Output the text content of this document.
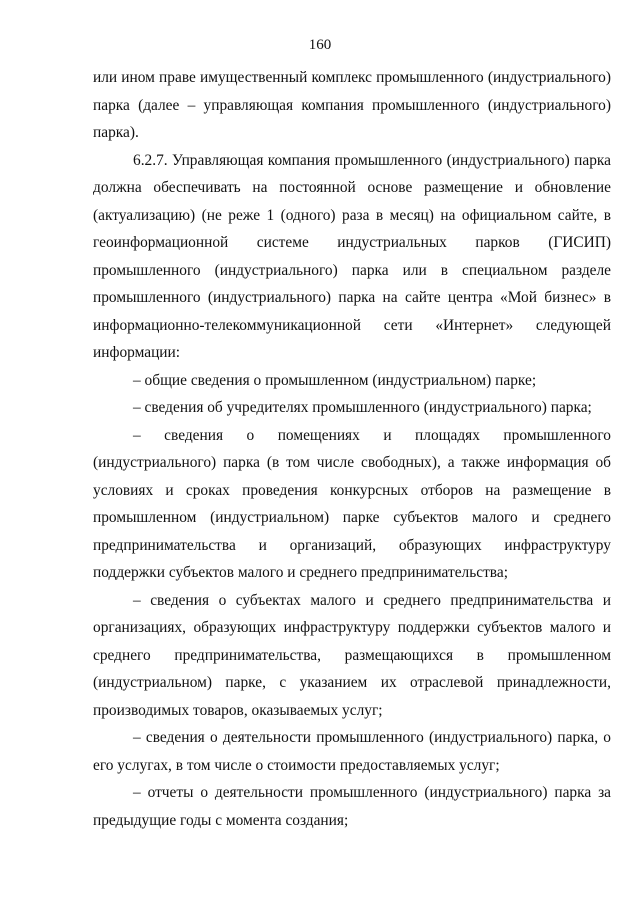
160

или ином праве имущественный комплекс промышленного (индустриального) парка (далее – управляющая компания промышленного (индустриального) парка).

6.2.7. Управляющая компания промышленного (индустриального) парка должна обеспечивать на постоянной основе размещение и обновление (актуализацию) (не реже 1 (одного) раза в месяц) на официальном сайте, в геоинформационной системе индустриальных парков (ГИСИП) промышленного (индустриального) парка или в специальном разделе промышленного (индустриального) парка на сайте центра «Мой бизнес» в информационно-телекоммуникационной сети «Интернет» следующей информации:

– общие сведения о промышленном (индустриальном) парке;

– сведения об учредителях промышленного (индустриального) парка;

– сведения о помещениях и площадях промышленного (индустриального) парка (в том числе свободных), а также информация об условиях и сроках проведения конкурсных отборов на размещение в промышленном (индустриальном) парке субъектов малого и среднего предпринимательства и организаций, образующих инфраструктуру поддержки субъектов малого и среднего предпринимательства;

– сведения о субъектах малого и среднего предпринимательства и организациях, образующих инфраструктуру поддержки субъектов малого и среднего предпринимательства, размещающихся в промышленном (индустриальном) парке, с указанием их отраслевой принадлежности, производимых товаров, оказываемых услуг;

– сведения о деятельности промышленного (индустриального) парка, о его услугах, в том числе о стоимости предоставляемых услуг;

– отчеты о деятельности промышленного (индустриального) парка за предыдущие годы с момента создания;
